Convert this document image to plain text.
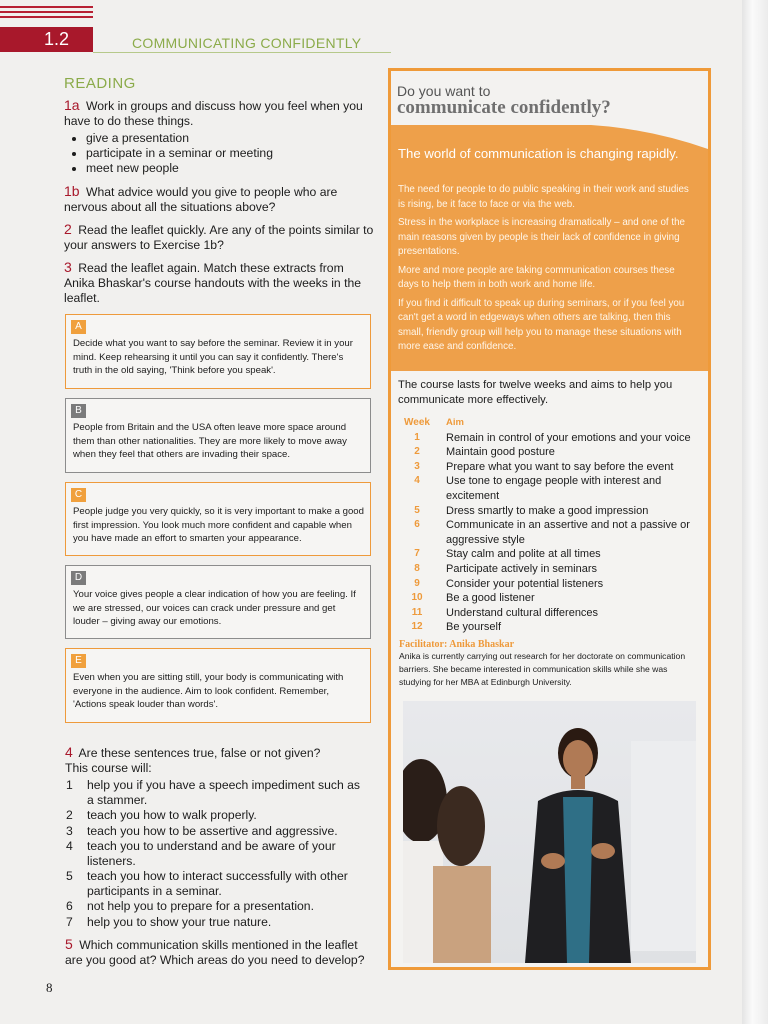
1.2	COMMUNICATING CONFIDENTLY
READING
1a Work in groups and discuss how you feel when you have to do these things.
• give a presentation
• participate in a seminar or meeting
• meet new people
1b What advice would you give to people who are nervous about all the situations above?
2 Read the leaflet quickly. Are any of the points similar to your answers to Exercise 1b?
3 Read the leaflet again. Match these extracts from Anika Bhaskar's course handouts with the weeks in the leaflet.
A
Decide what you want to say before the seminar. Review it in your mind. Keep rehearsing it until you can say it confidently. There's truth in the old saying, 'Think before you speak'.
B
People from Britain and the USA often leave more space around them than other nationalities. They are more likely to move away when they feel that others are invading their space.
C
People judge you very quickly, so it is very important to make a good first impression. You look much more confident and capable when you have made an effort to smarten your appearance.
D
Your voice gives people a clear indication of how you are feeling. If we are stressed, our voices can crack under pressure and get louder – giving away our emotions.
E
Even when you are sitting still, your body is communicating with everyone in the audience. Aim to look confident. Remember, 'Actions speak louder than words'.
4 Are these sentences true, false or not given?
This course will:
1 help you if you have a speech impediment such as a stammer.
2 teach you how to walk properly.
3 teach you how to be assertive and aggressive.
4 teach you to understand and be aware of your listeners.
5 teach you how to interact successfully with other participants in a seminar.
6 not help you to prepare for a presentation.
7 help you to show your true nature.
5 Which communication skills mentioned in the leaflet are you good at? Which areas do you need to develop?
8
Do you want to
communicate confidently?
The world of communication is changing rapidly.

The need for people to do public speaking in their work and studies is rising, be it face to face or via the web.

Stress in the workplace is increasing dramatically – and one of the main reasons given by people is their lack of confidence in giving presentations.

More and more people are taking communication courses these days to help them in both work and home life.

If you find it difficult to speak up during seminars, or if you feel you can't get a word in edgeways when others are talking, then this small, friendly group will help you to manage these situations with more ease and confidence.

The course lasts for twelve weeks and aims to help you communicate more effectively.
Week Aim
1	Remain in control of your emotions and your voice
2	Maintain good posture
3	Prepare what you want to say before the event
4	Use tone to engage people with interest and excitement
5	Dress smartly to make a good impression
6	Communicate in an assertive and not a passive or aggressive style
7	Stay calm and polite at all times
8	Participate actively in seminars
9	Consider your potential listeners
10	Be a good listener
11	Understand cultural differences
12	Be yourself
Facilitator: Anika Bhaskar
Anika is currently carrying out research for her doctorate on communication barriers. She became interested in communication skills while she was studying for her MBA at Edinburgh University.
